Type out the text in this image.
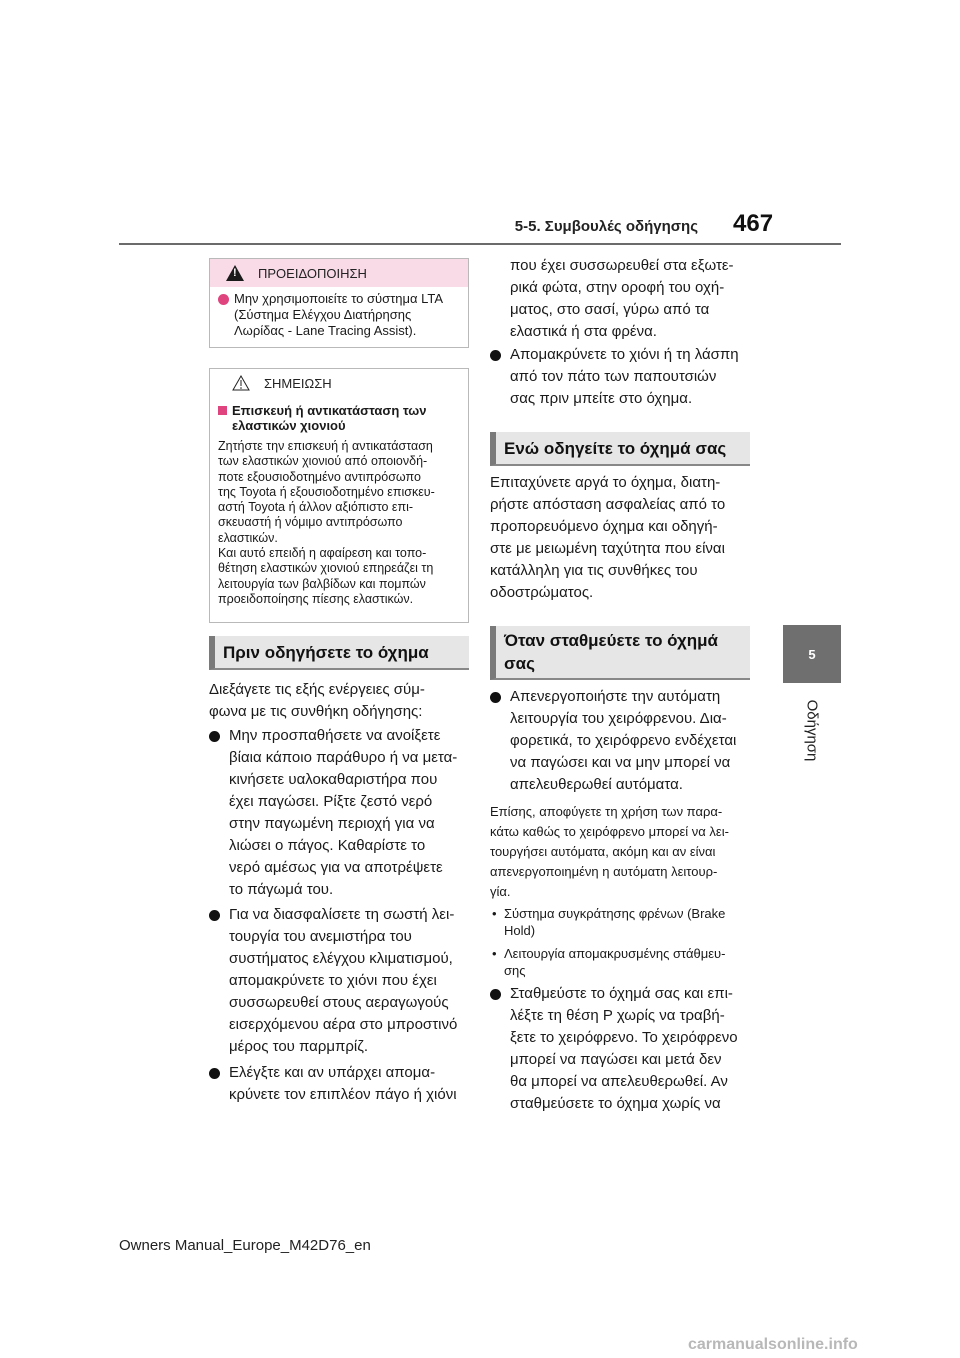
5-5. Συμβουλές οδήγησης 467
5
Οδήγηση
!
ΠΡΟΕΙΔΟΠΟΙΗΣΗ
Μην χρησιμοποιείτε το σύστημα LTA
(Σύστημα Ελέγχου Διατήρησης
Λωρίδας - Lane Tracing Assist).
ΣΗΜΕΙΩΣΗ
Επισκευή ή αντικατάσταση των
ελαστικών χιονιού
Ζητήστε την επισκευή ή αντικατάσταση
των ελαστικών χιονιού από οποιονδή-
ποτε εξουσιοδοτημένο αντιπρόσωπο
της Toyota ή εξουσιοδοτημένο επισκευ-
αστή Toyota ή άλλον αξιόπιστο επι-
σκευαστή ή νόμιμο αντιπρόσωπο
ελαστικών.
Και αυτό επειδή η αφαίρεση και τοπο-
θέτηση ελαστικών χιονιού επηρεάζει τη
λειτουργία των βαλβίδων και πομπών
προειδοποίησης πίεσης ελαστικών.
Πριν οδηγήσετε το όχημα
Διεξάγετε τις εξής ενέργειες σύμ-
φωνα με τις συνθήκη οδήγησης:
Μην προσπαθήσετε να ανοίξετε
βίαια κάποιο παράθυρο ή να μετα-
κινήσετε υαλοκαθαριστήρα που
έχει παγώσει. Ρίξτε ζεστό νερό
στην παγωμένη περιοχή για να
λιώσει ο πάγος. Καθαρίστε το
νερό αμέσως για να αποτρέψετε
το πάγωμά του.
Για να διασφαλίσετε τη σωστή λει-
τουργία του ανεμιστήρα του
συστήματος ελέγχου κλιματισμού,
απομακρύνετε το χιόνι που έχει
συσσωρευθεί στους αεραγωγούς
εισερχόμενου αέρα στο μπροστινό
μέρος του παρμπρίζ.
Ελέγξτε και αν υπάρχει απομα-
κρύνετε τον επιπλέον πάγο ή χιόνι
που έχει συσσωρευθεί στα εξωτε-
ρικά φώτα, στην οροφή του οχή-
ματος, στο σασί, γύρω από τα
ελαστικά ή στα φρένα.
Απομακρύνετε το χιόνι ή τη λάσπη
από τον πάτο των παπουτσιών
σας πριν μπείτε στο όχημα.
Ενώ οδηγείτε το όχημά σας
Επιταχύνετε αργά το όχημα, διατη-
ρήστε απόσταση ασφαλείας από το
προπορευόμενο όχημα και οδηγή-
στε με μειωμένη ταχύτητα που είναι
κατάλληλη για τις συνθήκες του
οδοστρώματος.
Όταν σταθμεύετε το όχημά
σας
Απενεργοποιήστε την αυτόματη
λειτουργία του χειρόφρενου. Δια-
φορετικά, το χειρόφρενο ενδέχεται
να παγώσει και να μην μπορεί να
απελευθερωθεί αυτόματα.
Επίσης, αποφύγετε τη χρήση των παρα-
κάτω καθώς το χειρόφρενο μπορεί να λει-
τουργήσει αυτόματα, ακόμη και αν είναι
απενεργοποιημένη η αυτόματη λειτουρ-
γία.
• Σύστημα συγκράτησης φρένων (Brake
Hold)
• Λειτουργία απομακρυσμένης στάθμευ-
σης
Σταθμεύστε το όχημά σας και επι-
λέξτε τη θέση P χωρίς να τραβή-
ξετε το χειρόφρενο. Το χειρόφρενο
μπορεί να παγώσει και μετά δεν
θα μπορεί να απελευθερωθεί. Αν
σταθμεύσετε το όχημα χωρίς να
Owners Manual_Europe_M42D76_en
carmanualsonline.info
